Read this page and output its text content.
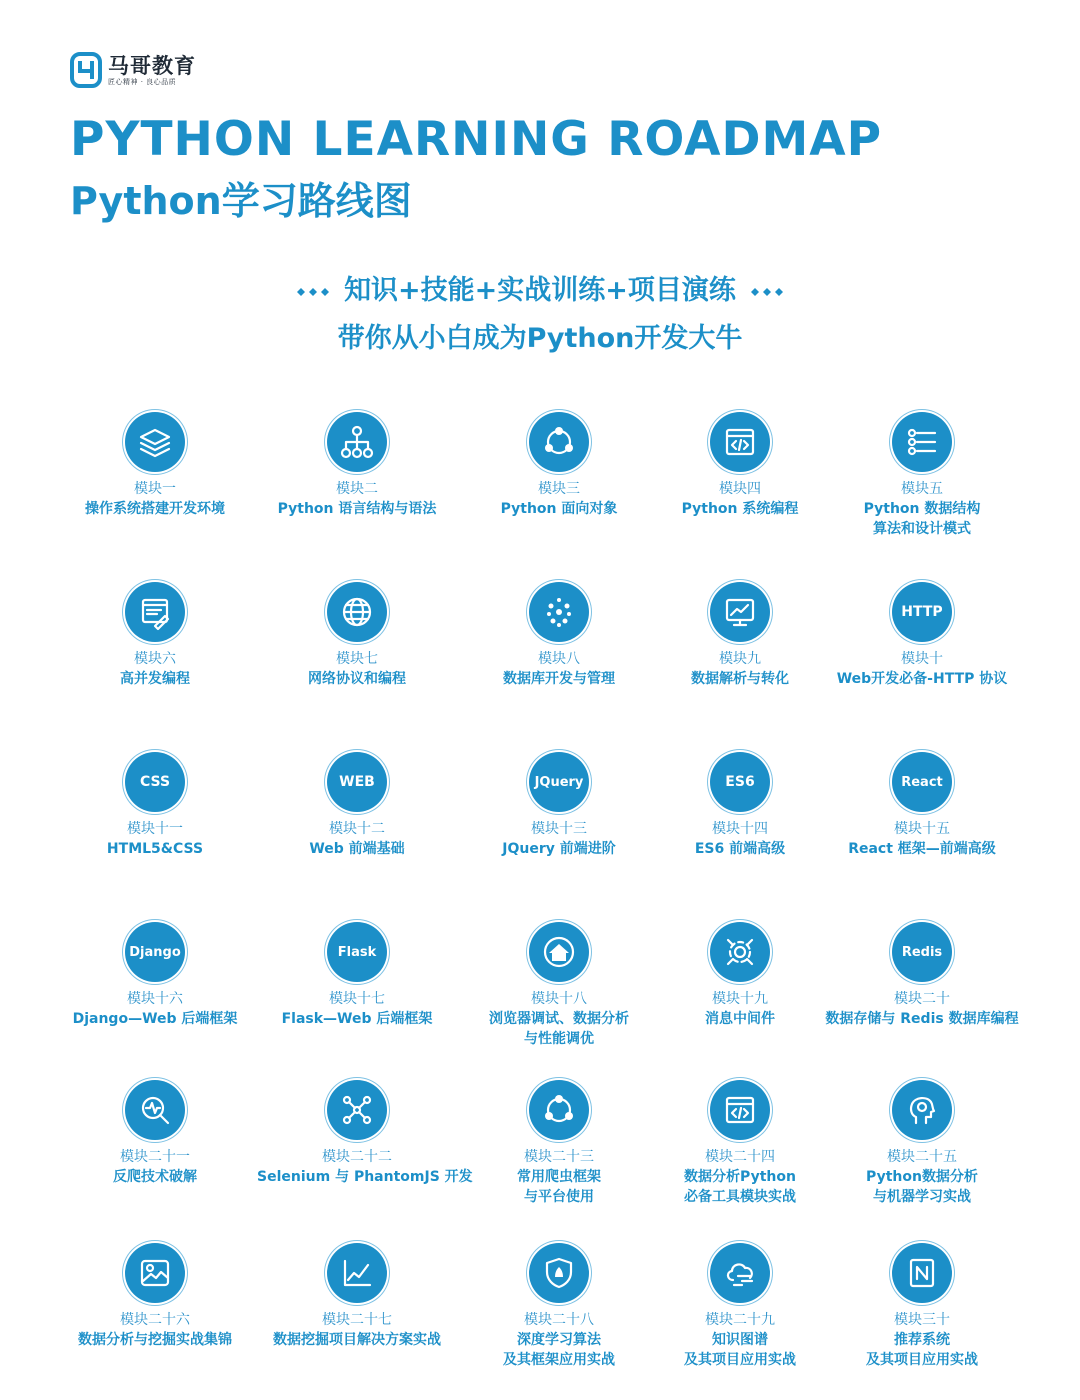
马哥教育
匠心精神 · 良心品质
PYTHON LEARNING ROADMAP
Python学习路线图
知识+技能+实战训练+项目演练
带你从小白成为Python开发大牛
模块一
操作系统搭建开发环境
模块二
Python 语言结构与语法
模块三
Python 面向对象
模块四
Python 系统编程
模块五
Python 数据结构
算法和设计模式
模块六
高并发编程
模块七
网络协议和编程
模块八
数据库开发与管理
模块九
数据解析与转化
HTTP
模块十
Web开发必备-HTTP 协议
CSS
模块十一
HTML5&CSS
WEB
模块十二
Web 前端基础
JQuery
模块十三
JQuery 前端进阶
ES6
模块十四
ES6 前端高级
React
模块十五
React 框架—前端高级
Django
模块十六
Django—Web 后端框架
Flask
模块十七
Flask—Web 后端框架
模块十八
浏览器调试、数据分析
与性能调优
模块十九
消息中间件
Redis
模块二十
数据存储与 Redis 数据库编程
模块二十一
反爬技术破解
模块二十二
Selenium 与 PhantomJS 开发
模块二十三
常用爬虫框架
与平台使用
模块二十四
数据分析Python
必备工具模块实战
模块二十五
Python数据分析
与机器学习实战
模块二十六
数据分析与挖掘实战集锦
模块二十七
数据挖掘项目解决方案实战
模块二十八
深度学习算法
及其框架应用实战
模块二十九
知识图谱
及其项目应用实战
模块三十
推荐系统
及其项目应用实战
